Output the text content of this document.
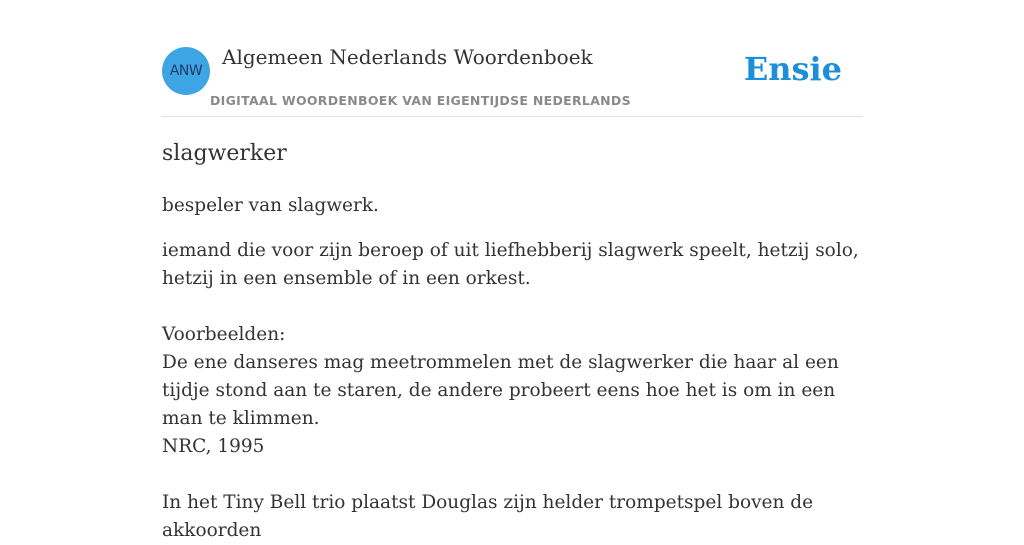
ANW
Algemeen Nederlands Woordenboek
DIGITAAL WOORDENBOEK VAN EIGENTIJDSE NEDERLANDS
Ensie
slagwerker

bespeler van slagwerk.

iemand die voor zijn beroep of uit liefhebberij slagwerk speelt, hetzij solo, hetzij in een ensemble of in een orkest.
Voorbeelden:
De ene danseres mag meetrommelen met de slagwerker die haar al een tijdje stond aan te staren, de andere probeert eens hoe het is om in een man te klimmen.
NRC, 1995
In het Tiny Bell trio plaatst Douglas zijn helder trompetspel boven de akkoorden
